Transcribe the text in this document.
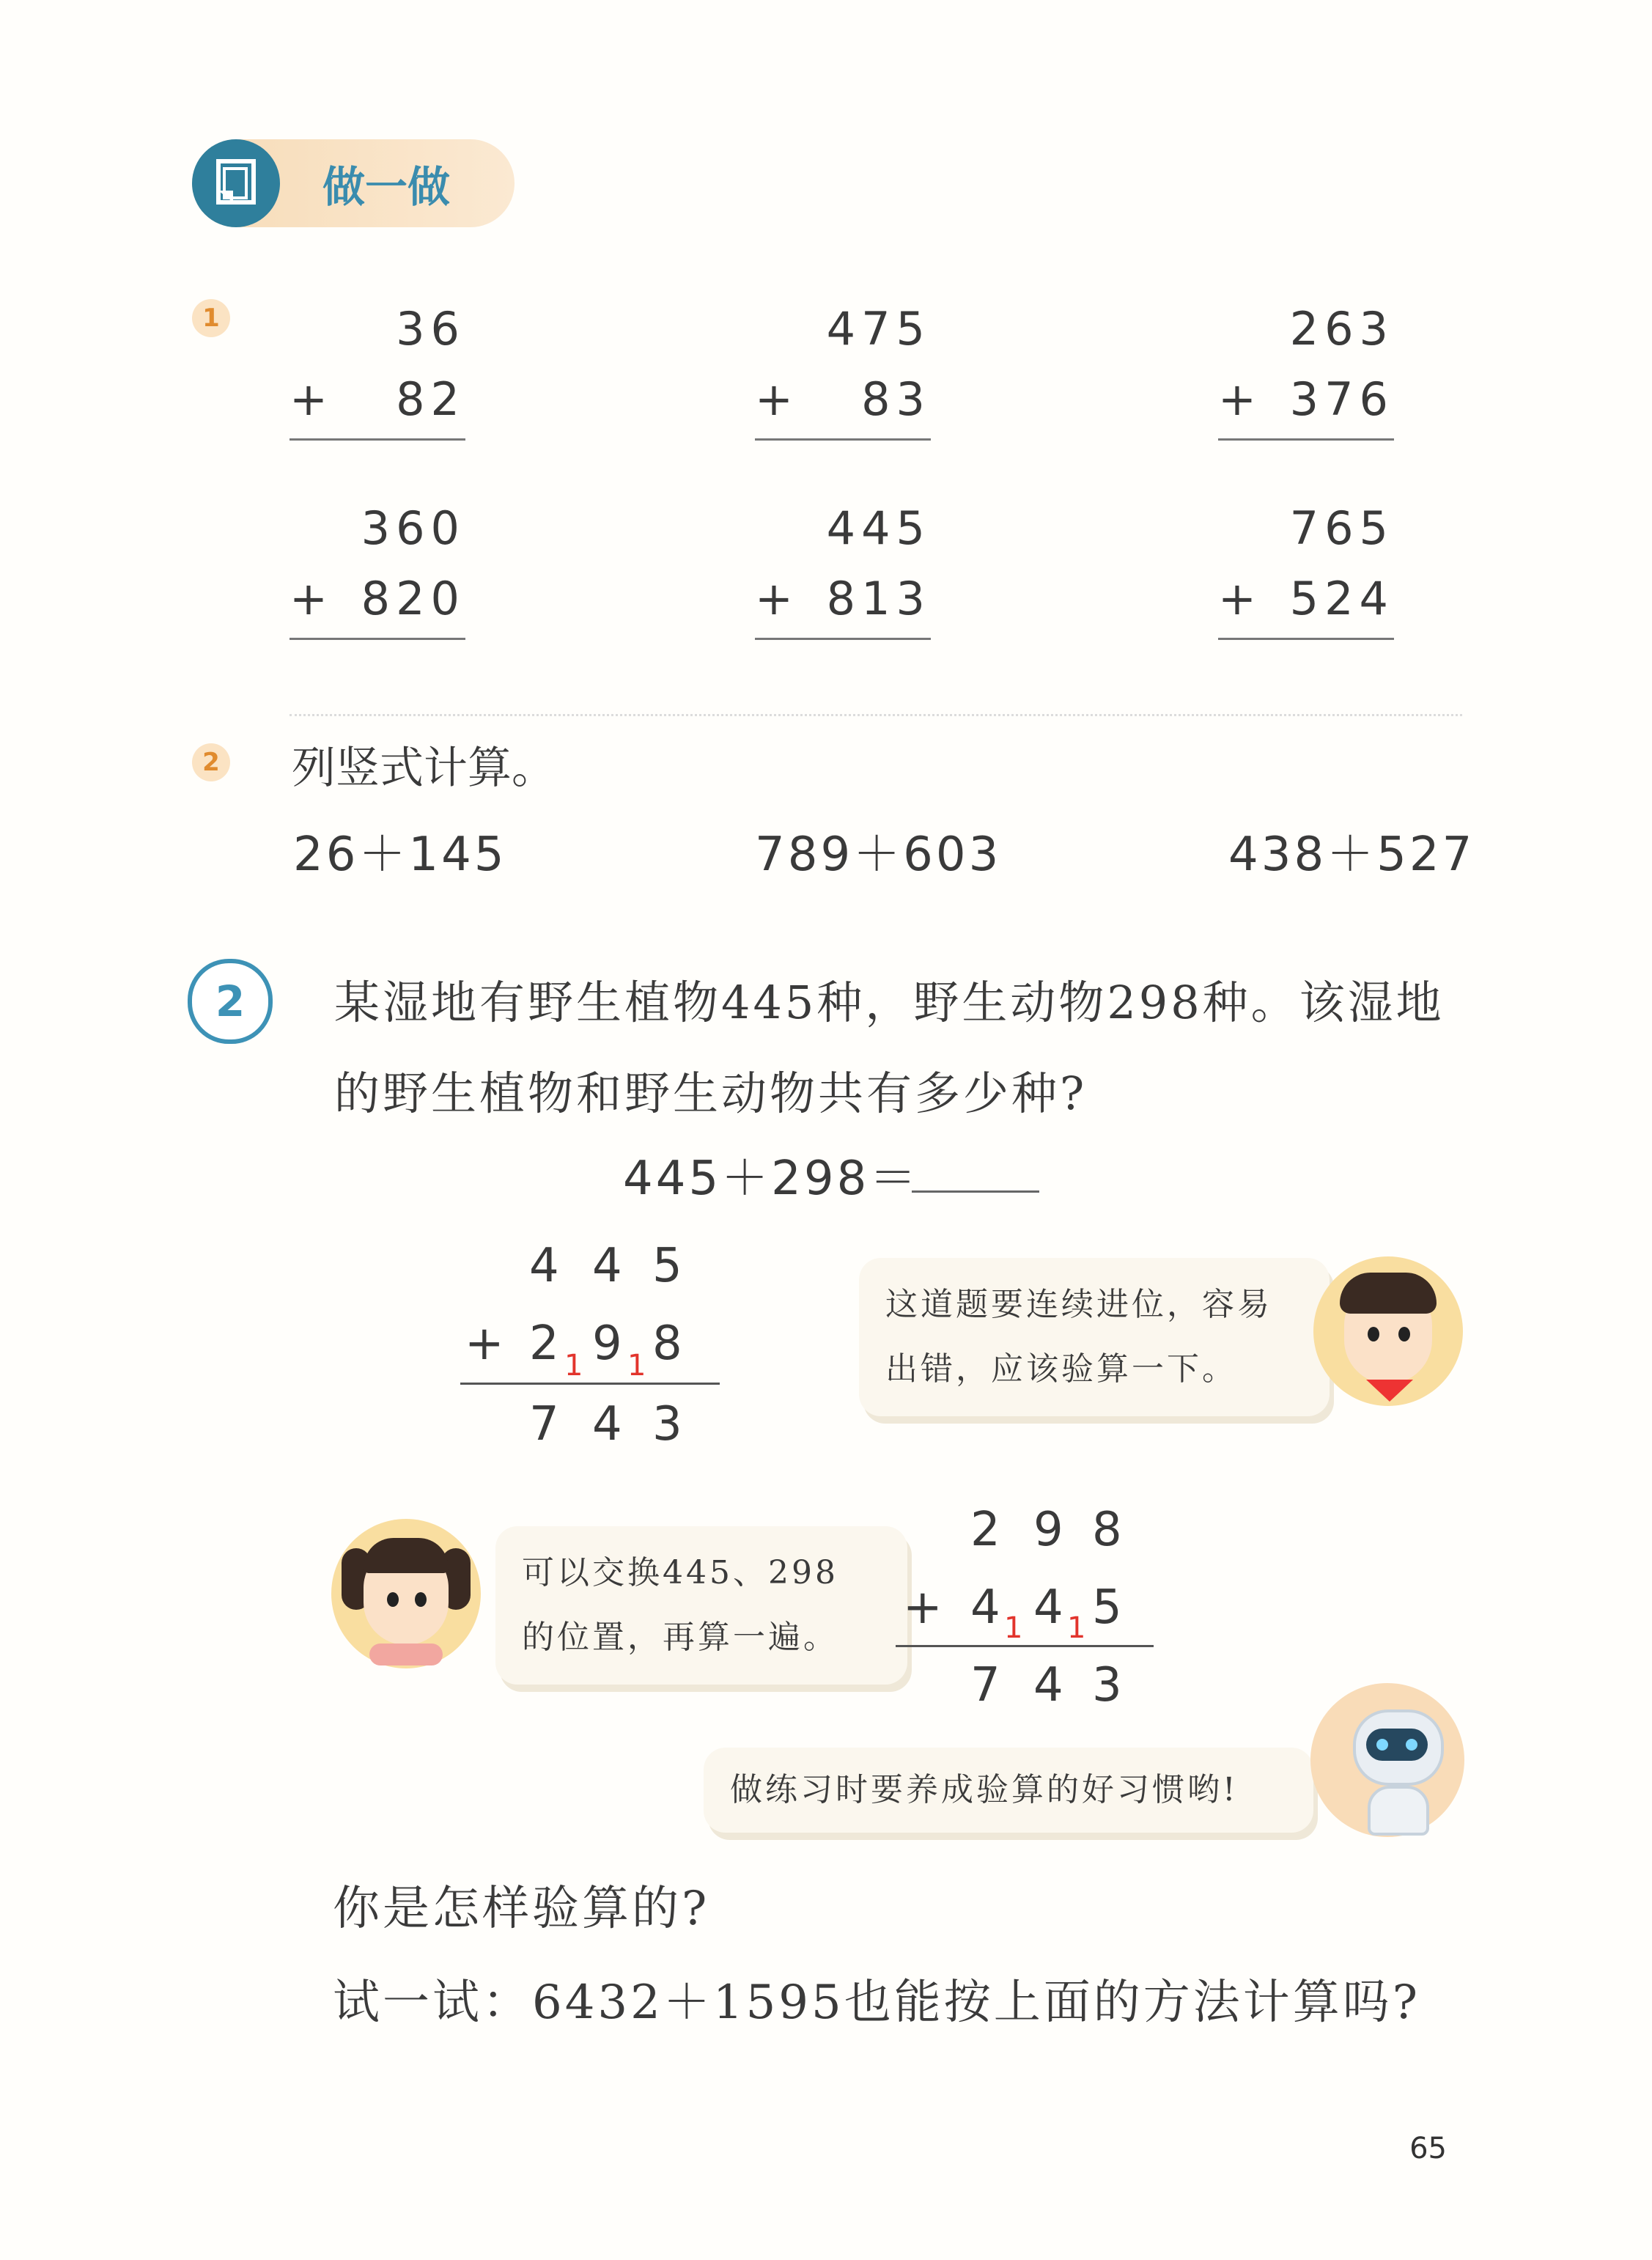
做一做
1	36
+ 82
475
+ 83
263
+ 376
360
+ 820
445
+ 813
765
+ 524
2 列竖式计算。
26＋145	789＋603	438＋527
2	某湿地有野生植物445种，野生动物298种。该湿地
的野生植物和野生动物共有多少种?
445＋298＝
4 4 5
+ 2 9 8
1 1
7 4 3
这道题要连续进位，容易
出错，应该验算一下。
可以交换445、298
的位置，再算一遍。
2 9 8
+ 4 4 5
1 1
7 4 3
做练习时要养成验算的好习惯哟!
你是怎样验算的?
试一试：6432＋1595也能按上面的方法计算吗?
65
